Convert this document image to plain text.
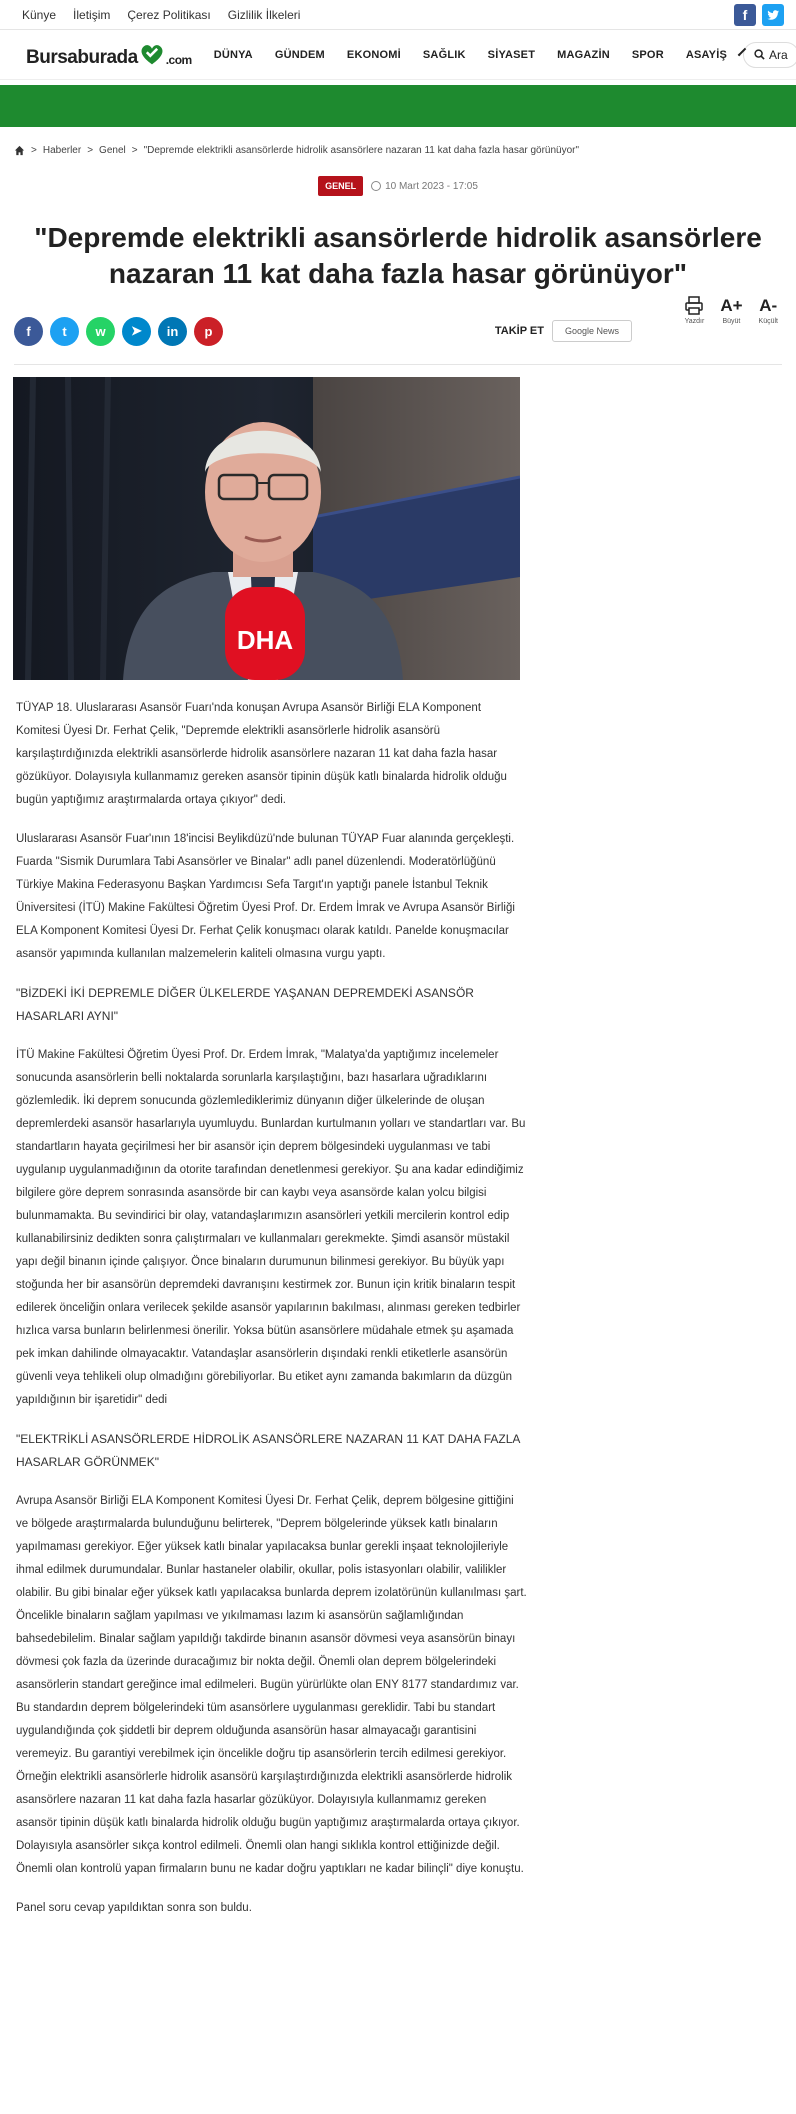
Künye İletişim Çerez Politikası Gizlilik İlkeleri	f
Bursaburada .com DÜNYA GÜNDEM EKONOMİ SAĞLIK SİYASET MAGAZİN SPOR ASAYİŞ	Ara
> Haberler > Genel > "Depremde elektrikli asansörlerde hidrolik asansörlere nazaran 11 kat daha fazla hasar görünüyor"
GENEL	10 Mart 2023 - 17:05
"Depremde elektrikli asansörlerde hidrolik asansörlere nazaran 11 kat daha fazla hasar görünüyor"
f	t	w	➤	in	p	TAKİP ET	Google News
Yazdır
A+
Büyüt
A-
Küçült
DHA

TÜYAP 18. Uluslararası Asansör Fuarı'nda konuşan Avrupa Asansör Birliği ELA Komponent Komitesi Üyesi Dr. Ferhat Çelik, "Depremde elektrikli asansörlerle hidrolik asansörü karşılaştırdığınızda elektrikli asansörlerde hidrolik asansörlere nazaran 11 kat daha fazla hasar gözüküyor. Dolayısıyla kullanmamız gereken asansör tipinin düşük katlı binalarda hidrolik olduğu bugün yaptığımız araştırmalarda ortaya çıkıyor" dedi.

Uluslararası Asansör Fuar'ının 18'incisi Beylikdüzü'nde bulunan TÜYAP Fuar alanında gerçekleşti. Fuarda "Sismik Durumlara Tabi Asansörler ve Binalar" adlı panel düzenlendi. Moderatörlüğünü Türkiye Makina Federasyonu Başkan Yardımcısı Sefa Targıt'ın yaptığı panele İstanbul Teknik Üniversitesi (İTÜ) Makine Fakültesi Öğretim Üyesi Prof. Dr. Erdem İmrak ve Avrupa Asansör Birliği ELA Komponent Komitesi Üyesi Dr. Ferhat Çelik konuşmacı olarak katıldı. Panelde konuşmacılar asansör yapımında kullanılan malzemelerin kaliteli olmasına vurgu yaptı.

"BİZDEKİ İKİ DEPREMLE DİĞER ÜLKELERDE YAŞANAN DEPREMDEKİ ASANSÖR HASARLARI AYNI"

İTÜ Makine Fakültesi Öğretim Üyesi Prof. Dr. Erdem İmrak, "Malatya'da yaptığımız incelemeler sonucunda asansörlerin belli noktalarda sorunlarla karşılaştığını, bazı hasarlara uğradıklarını gözlemledik. İki deprem sonucunda gözlemlediklerimiz dünyanın diğer ülkelerinde de oluşan depremlerdeki asansör hasarlarıyla uyumluydu. Bunlardan kurtulmanın yolları ve standartları var. Bu standartların hayata geçirilmesi her bir asansör için deprem bölgesindeki uygulanması ve tabi uygulanıp uygulanmadığının da otorite tarafından denetlenmesi gerekiyor. Şu ana kadar edindiğimiz bilgilere göre deprem sonrasında asansörde bir can kaybı veya asansörde kalan yolcu bilgisi bulunmamakta. Bu sevindirici bir olay, vatandaşlarımızın asansörleri yetkili mercilerin kontrol edip kullanabilirsiniz dedikten sonra çalıştırmaları ve kullanmaları gerekmekte. Şimdi asansör müstakil yapı değil binanın içinde çalışıyor. Önce binaların durumunun bilinmesi gerekiyor. Bu büyük yapı stoğunda her bir asansörün depremdeki davranışını kestirmek zor. Bunun için kritik binaların tespit edilerek önceliğin onlara verilecek şekilde asansör yapılarının bakılması, alınması gereken tedbirler hızlıca varsa bunların belirlenmesi önerilir. Yoksa bütün asansörlere müdahale etmek şu aşamada pek imkan dahilinde olmayacaktır. Vatandaşlar asansörlerin dışındaki renkli etiketlerle asansörün güvenli veya tehlikeli olup olmadığını görebiliyorlar. Bu etiket aynı zamanda bakımların da düzgün yapıldığının bir işaretidir" dedi

"ELEKTRİKLİ ASANSÖRLERDE HİDROLİK ASANSÖRLERE NAZARAN 11 KAT DAHA FAZLA HASARLAR GÖRÜNMEK"

Avrupa Asansör Birliği ELA Komponent Komitesi Üyesi Dr. Ferhat Çelik, deprem bölgesine gittiğini ve bölgede araştırmalarda bulunduğunu belirterek, "Deprem bölgelerinde yüksek katlı binaların yapılmaması gerekiyor. Eğer yüksek katlı binalar yapılacaksa bunlar gerekli inşaat teknolojileriyle ihmal edilmek durumundalar. Bunlar hastaneler olabilir, okullar, polis istasyonları olabilir, valilikler olabilir. Bu gibi binalar eğer yüksek katlı yapılacaksa bunlarda deprem izolatörünün kullanılması şart. Öncelikle binaların sağlam yapılması ve yıkılmaması lazım ki asansörün sağlamlığından bahsedebilelim. Binalar sağlam yapıldığı takdirde binanın asansör dövmesi veya asansörün binayı dövmesi çok fazla da üzerinde duracağımız bir nokta değil. Önemli olan deprem bölgelerindeki asansörlerin standart gereğince imal edilmeleri. Bugün yürürlükte olan ENY 8177 standardımız var. Bu standardın deprem bölgelerindeki tüm asansörlere uygulanması gereklidir. Tabi bu standart uygulandığında çok şiddetli bir deprem olduğunda asansörün hasar almayacağı garantisini veremeyiz. Bu garantiyi verebilmek için öncelikle doğru tip asansörlerin tercih edilmesi gerekiyor. Örneğin elektrikli asansörlerle hidrolik asansörü karşılaştırdığınızda elektrikli asansörlerde hidrolik asansörlere nazaran 11 kat daha fazla hasarlar gözüküyor. Dolayısıyla kullanmamız gereken asansör tipinin düşük katlı binalarda hidrolik olduğu bugün yaptığımız araştırmalarda ortaya çıkıyor. Dolayısıyla asansörler sıkça kontrol edilmeli. Önemli olan hangi sıklıkla kontrol ettiğinizde değil. Önemli olan kontrolü yapan firmaların bunu ne kadar doğru yaptıkları ne kadar bilinçli" diye konuştu.

Panel soru cevap yapıldıktan sonra son buldu.
